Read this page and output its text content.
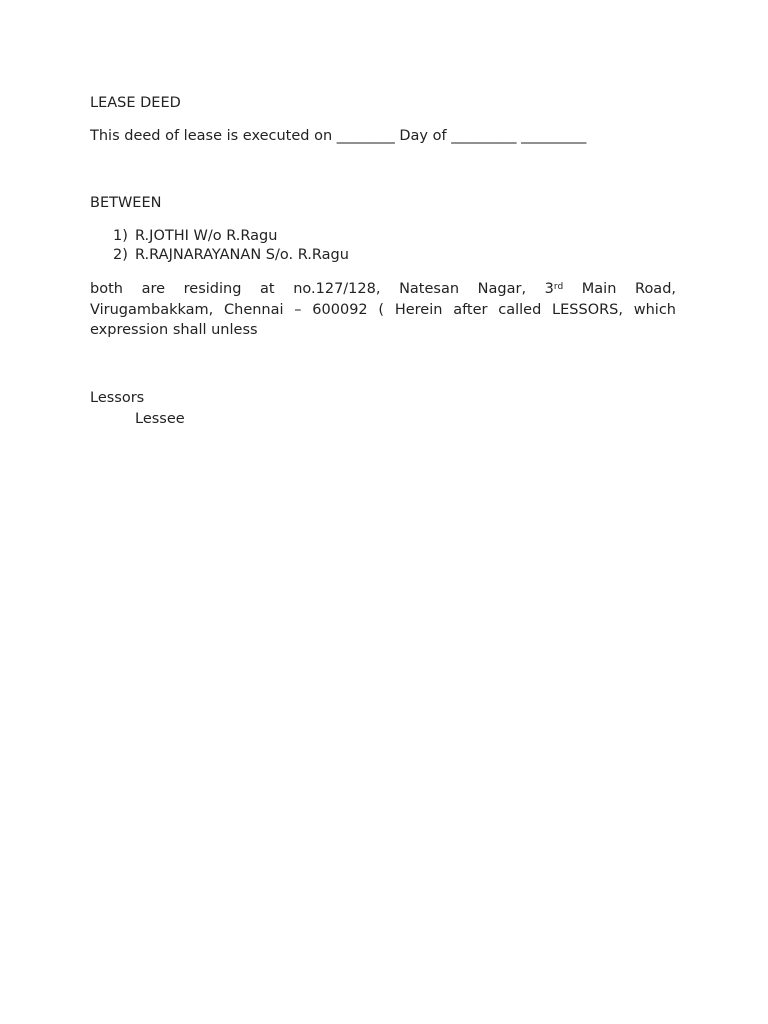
LEASE DEED
This deed of lease is executed on ________ Day of _________ _________
BETWEEN
1) R.JOTHI W/o R.Ragu
2) R.RAJNARAYANAN S/o. R.Ragu
both are residing at no.127/128, Natesan Nagar, 3rd Main Road,
Virugambakkam, Chennai – 600092 ( Herein after called LESSORS, which
expression shall unless
Lessors
Lessee
